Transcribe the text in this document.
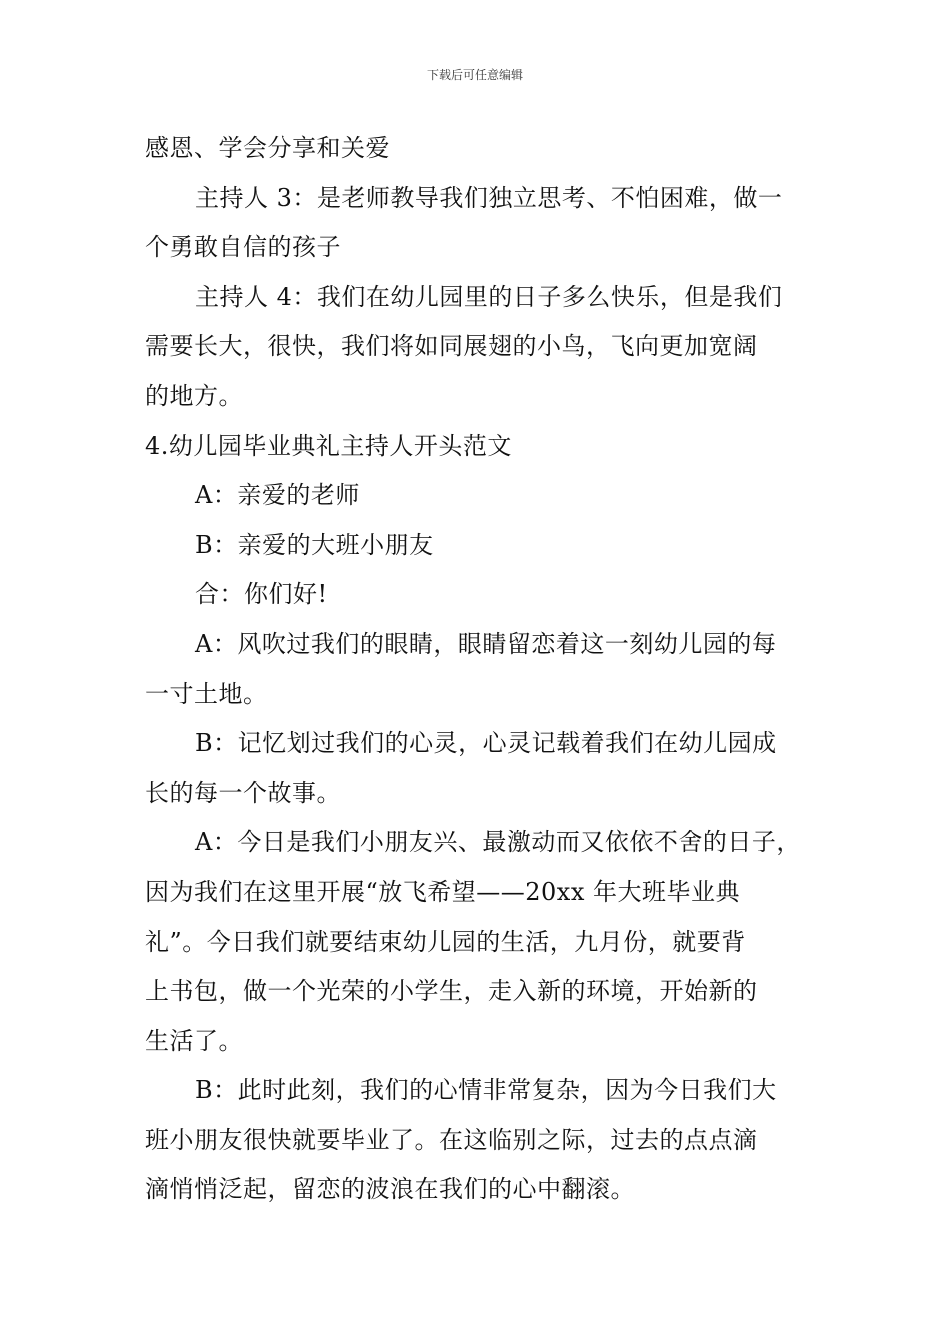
下载后可任意编辑
感恩、学会分享和关爱
主持人 3：是老师教导我们独立思考、不怕困难，做一
个勇敢自信的孩子
主持人 4：我们在幼儿园里的日子多么快乐，但是我们
需要长大，很快，我们将如同展翅的小鸟，飞向更加宽阔
的地方。
4.幼儿园毕业典礼主持人开头范文
A：亲爱的老师
B：亲爱的大班小朋友
合：你们好!
A：风吹过我们的眼睛，眼睛留恋着这一刻幼儿园的每
一寸土地。
B：记忆划过我们的心灵，心灵记载着我们在幼儿园成
长的每一个故事。
A：今日是我们小朋友兴、最激动而又依依不舍的日子，
因为我们在这里开展“放飞希望——20xx 年大班毕业典
礼”。今日我们就要结束幼儿园的生活，九月份，就要背
上书包，做一个光荣的小学生，走入新的环境，开始新的
生活了。
B：此时此刻，我们的心情非常复杂，因为今日我们大
班小朋友很快就要毕业了。在这临别之际，过去的点点滴
滴悄悄泛起，留恋的波浪在我们的心中翻滚。
